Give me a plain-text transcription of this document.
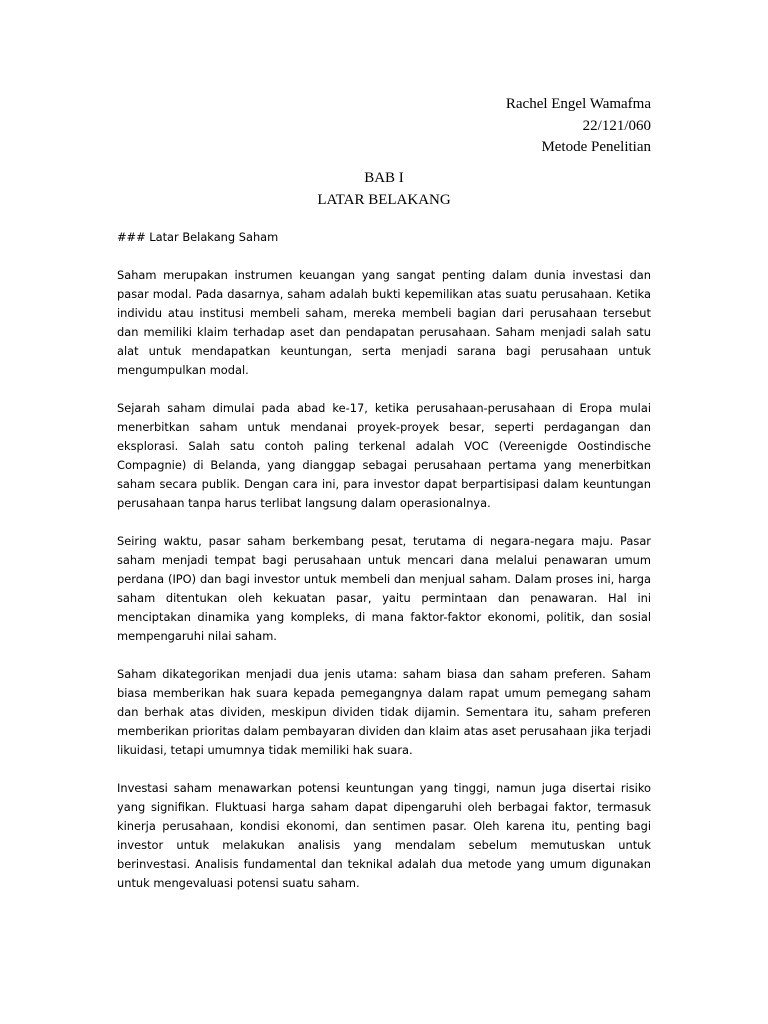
Rachel Engel Wamafma
22/121/060
Metode Penelitian
BAB I
LATAR BELAKANG

### Latar Belakang Saham

Saham merupakan instrumen keuangan yang sangat penting dalam dunia investasi dan pasar modal. Pada dasarnya, saham adalah bukti kepemilikan atas suatu perusahaan. Ketika individu atau institusi membeli saham, mereka membeli bagian dari perusahaan tersebut dan memiliki klaim terhadap aset dan pendapatan perusahaan. Saham menjadi salah satu alat untuk mendapatkan keuntungan, serta menjadi sarana bagi perusahaan untuk mengumpulkan modal.

Sejarah saham dimulai pada abad ke-17, ketika perusahaan-perusahaan di Eropa mulai menerbitkan saham untuk mendanai proyek-proyek besar, seperti perdagangan dan eksplorasi. Salah satu contoh paling terkenal adalah VOC (Vereenigde Oostindische Compagnie) di Belanda, yang dianggap sebagai perusahaan pertama yang menerbitkan saham secara publik. Dengan cara ini, para investor dapat berpartisipasi dalam keuntungan perusahaan tanpa harus terlibat langsung dalam operasionalnya.

Seiring waktu, pasar saham berkembang pesat, terutama di negara-negara maju. Pasar saham menjadi tempat bagi perusahaan untuk mencari dana melalui penawaran umum perdana (IPO) dan bagi investor untuk membeli dan menjual saham. Dalam proses ini, harga saham ditentukan oleh kekuatan pasar, yaitu permintaan dan penawaran. Hal ini menciptakan dinamika yang kompleks, di mana faktor-faktor ekonomi, politik, dan sosial mempengaruhi nilai saham.

Saham dikategorikan menjadi dua jenis utama: saham biasa dan saham preferen. Saham biasa memberikan hak suara kepada pemegangnya dalam rapat umum pemegang saham dan berhak atas dividen, meskipun dividen tidak dijamin. Sementara itu, saham preferen memberikan prioritas dalam pembayaran dividen dan klaim atas aset perusahaan jika terjadi likuidasi, tetapi umumnya tidak memiliki hak suara.

Investasi saham menawarkan potensi keuntungan yang tinggi, namun juga disertai risiko yang signifikan. Fluktuasi harga saham dapat dipengaruhi oleh berbagai faktor, termasuk kinerja perusahaan, kondisi ekonomi, dan sentimen pasar. Oleh karena itu, penting bagi investor untuk melakukan analisis yang mendalam sebelum memutuskan untuk berinvestasi. Analisis fundamental dan teknikal adalah dua metode yang umum digunakan untuk mengevaluasi potensi suatu saham.
